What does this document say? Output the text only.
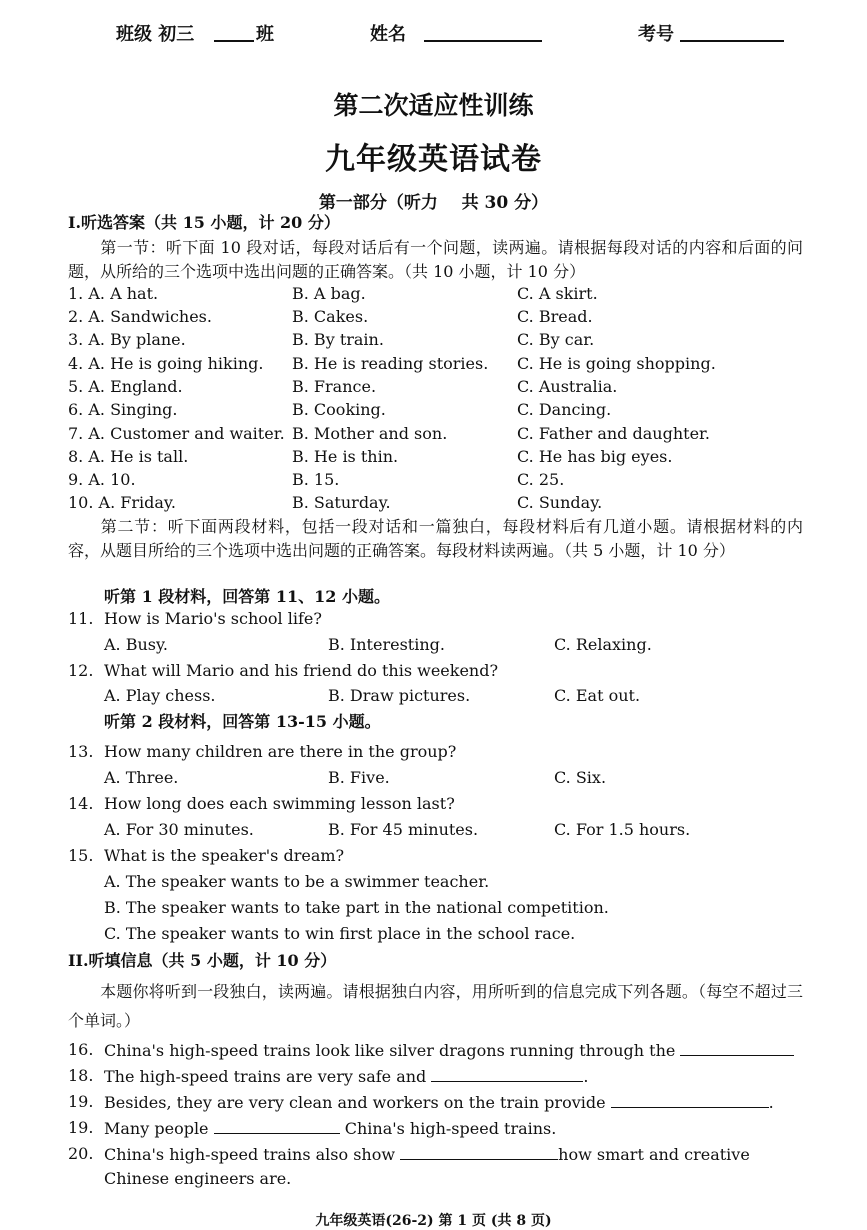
班级 初三	班	姓名	考号
第二次适应性训练
九年级英语试卷
第一部分（听力    共 30 分）
I.听选答案（共 15 小题，计 20 分）
第一节：听下面 10 段对话，每段对话后有一个问题，读两遍。请根据每段对话的内容和后面的问题，从所给的三个选项中选出问题的正确答案。（共 10 小题，计 10 分）
1. A. A hat.	B. A bag.	C. A skirt.
2. A. Sandwiches.	B. Cakes.	C. Bread.
3. A. By plane.	B. By train.	C. By car.
4. A. He is going hiking. B. He is reading stories. C. He is going shopping.
5. A. England.	B. France.	C. Australia.
6. A. Singing.	B. Cooking.	C. Dancing.
7. A. Customer and waiter. B. Mother and son.	C. Father and daughter.
8. A. He is tall.	B. He is thin.	C. He has big eyes.
9. A. 10.	B. 15.	C. 25.
10. A. Friday.	B. Saturday.	C. Sunday.
第二节：听下面两段材料，包括一段对话和一篇独白，每段材料后有几道小题。请根据材料的内容，从题目所给的三个选项中选出问题的正确答案。每段材料读两遍。（共 5 小题，计 10 分）
听第 1 段材料，回答第 11、12 小题。
11. How is Mario's school life?
A. Busy.	B. Interesting.	C. Relaxing.
12. What will Mario and his friend do this weekend?
A. Play chess.	B. Draw pictures.	C. Eat out.
听第 2 段材料，回答第 13-15 小题。
13. How many children are there in the group?
A. Three.	B. Five.	C. Six.
14. How long does each swimming lesson last?
A. For 30 minutes.	B. For 45 minutes.	C. For 1.5 hours.
15. What is the speaker's dream?
A. The speaker wants to be a swimmer teacher.
B. The speaker wants to take part in the national competition.
C. The speaker wants to win first place in the school race.
II.听填信息（共 5 小题，计 10 分）
本题你将听到一段独白，读两遍。请根据独白内容，用所听到的信息完成下列各题。（每空不超过三个单词。）
16. China's high-speed trains look like silver dragons running through the
18. The high-speed trains are very safe and	.
19. Besides, they are very clean and workers on the train provide	.
19. Many people	China's high-speed trains.
20. China's high-speed trains also show	how smart and creative
Chinese engineers are.
九年级英语(26-2) 第 1 页 (共 8 页)
